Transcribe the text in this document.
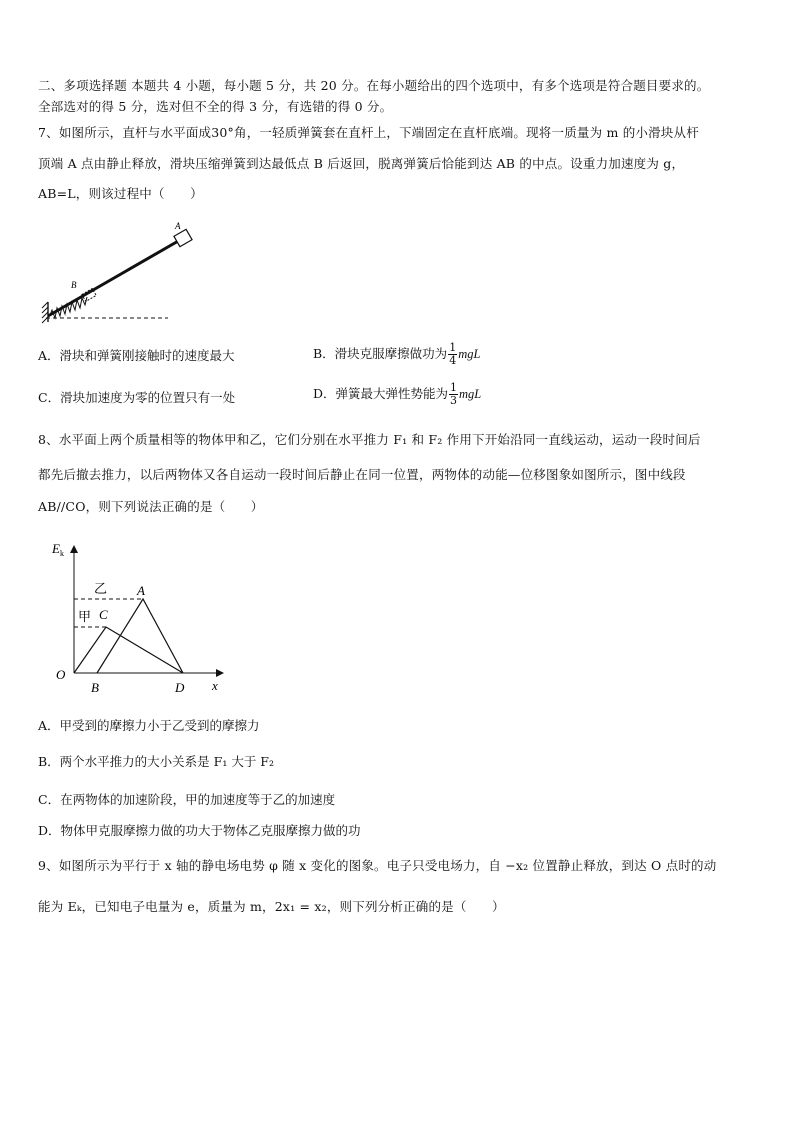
二、多项选择题 本题共 4 小题，每小题 5 分，共 20 分。在每小题给出的四个选项中，有多个选项是符合题目要求的。
全部选对的得 5 分，选对但不全的得 3 分，有选错的得 0 分。
7、如图所示，直杆与水平面成30°角，一轻质弹簧套在直杆上，下端固定在直杆底端。现将一质量为 m 的小滑块从杆
顶端 A 点由静止释放，滑块压缩弹簧到达最低点 B 后返回，脱离弹簧后恰能到达 AB 的中点。设重力加速度为 g，
AB=L，则该过程中（　　）
A
B
A．滑块和弹簧刚接触时的速度最大	B．滑块克服摩擦做功为 $\frac{1}{4}$ mgL
C．滑块加速度为零的位置只有一处	D．弹簧最大弹性势能为 $\frac{1}{3}$ mgL
8、水平面上两个质量相等的物体甲和乙，它们分别在水平推力 F₁ 和 F₂ 作用下开始沿同一直线运动，运动一段时间后
都先后撤去推力，以后两物体又各自运动一段时间后静止在同一位置，两物体的动能—位移图象如图所示，图中线段
AB//CO，则下列说法正确的是（　　）
$E_k$
x
乙
甲
A
C
O
B	D
A．甲受到的摩擦力小于乙受到的摩擦力
B．两个水平推力的大小关系是 F₁ 大于 F₂
C．在两物体的加速阶段，甲的加速度等于乙的加速度
D．物体甲克服摩擦力做的功大于物体乙克服摩擦力做的功
9、如图所示为平行于 x 轴的静电场电势 φ 随 x 变化的图象。电子只受电场力，自 −x₂ 位置静止释放，到达 O 点时的动
能为 Eₖ，已知电子电量为 e，质量为 m，2x₁ = x₂，则下列分析正确的是（　　）
